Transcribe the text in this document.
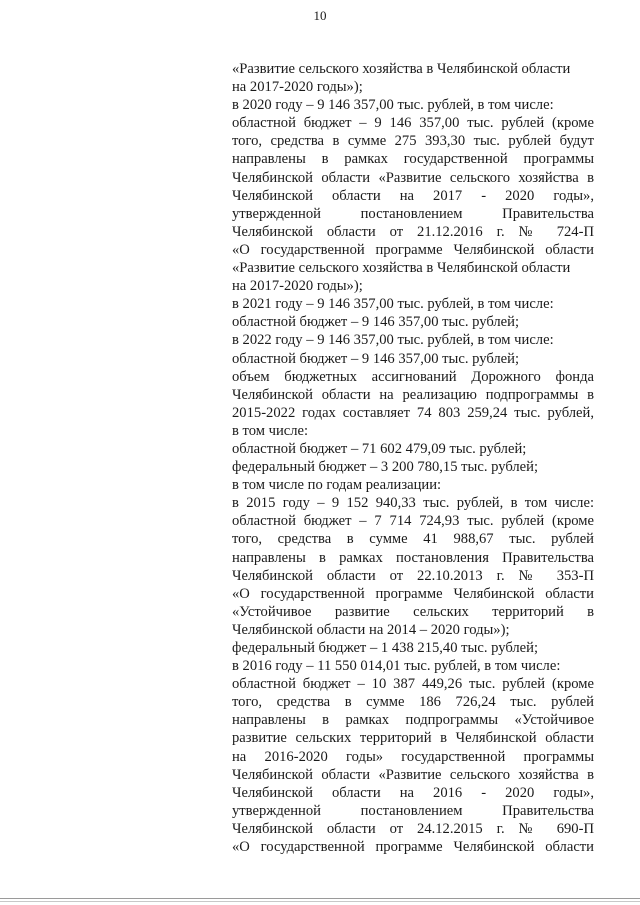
10
«Развитие сельского хозяйства в Челябинской области
на 2017-2020 годы»);
в 2020 году – 9 146 357,00 тыс. рублей, в том числе:
областной бюджет – 9 146 357,00 тыс. рублей (кроме
того, средства в сумме 275 393,30 тыс. рублей будут
направлены в рамках государственной программы
Челябинской области «Развитие сельского хозяйства в
Челябинской области на 2017 - 2020 годы»,
утвержденной постановлением Правительства
Челябинской области от 21.12.2016 г. № 724-П
«О государственной программе Челябинской области
«Развитие сельского хозяйства в Челябинской области
на 2017-2020 годы»);
в 2021 году – 9 146 357,00 тыс. рублей, в том числе:
областной бюджет – 9 146 357,00 тыс. рублей;
в 2022 году – 9 146 357,00 тыс. рублей, в том числе:
областной бюджет – 9 146 357,00 тыс. рублей;
объем бюджетных ассигнований Дорожного фонда
Челябинской области на реализацию подпрограммы в
2015-2022 годах составляет 74 803 259,24 тыс. рублей,
в том числе:
областной бюджет – 71 602 479,09 тыс. рублей;
федеральный бюджет – 3 200 780,15 тыс. рублей;
в том числе по годам реализации:
в 2015 году – 9 152 940,33 тыс. рублей, в том числе:
областной бюджет – 7 714 724,93 тыс. рублей (кроме
того, средства в сумме 41 988,67 тыс. рублей
направлены в рамках постановления Правительства
Челябинской области от 22.10.2013 г. № 353-П
«О государственной программе Челябинской области
«Устойчивое развитие сельских территорий в
Челябинской области на 2014 – 2020 годы»);
федеральный бюджет – 1 438 215,40 тыс. рублей;
в 2016 году – 11 550 014,01 тыс. рублей, в том числе:
областной бюджет – 10 387 449,26 тыс. рублей (кроме
того, средства в сумме 186 726,24 тыс. рублей
направлены в рамках подпрограммы «Устойчивое
развитие сельских территорий в Челябинской области
на 2016-2020 годы» государственной программы
Челябинской области «Развитие сельского хозяйства в
Челябинской области на 2016 - 2020 годы»,
утвержденной постановлением Правительства
Челябинской области от 24.12.2015 г. № 690-П
«О государственной программе Челябинской области
